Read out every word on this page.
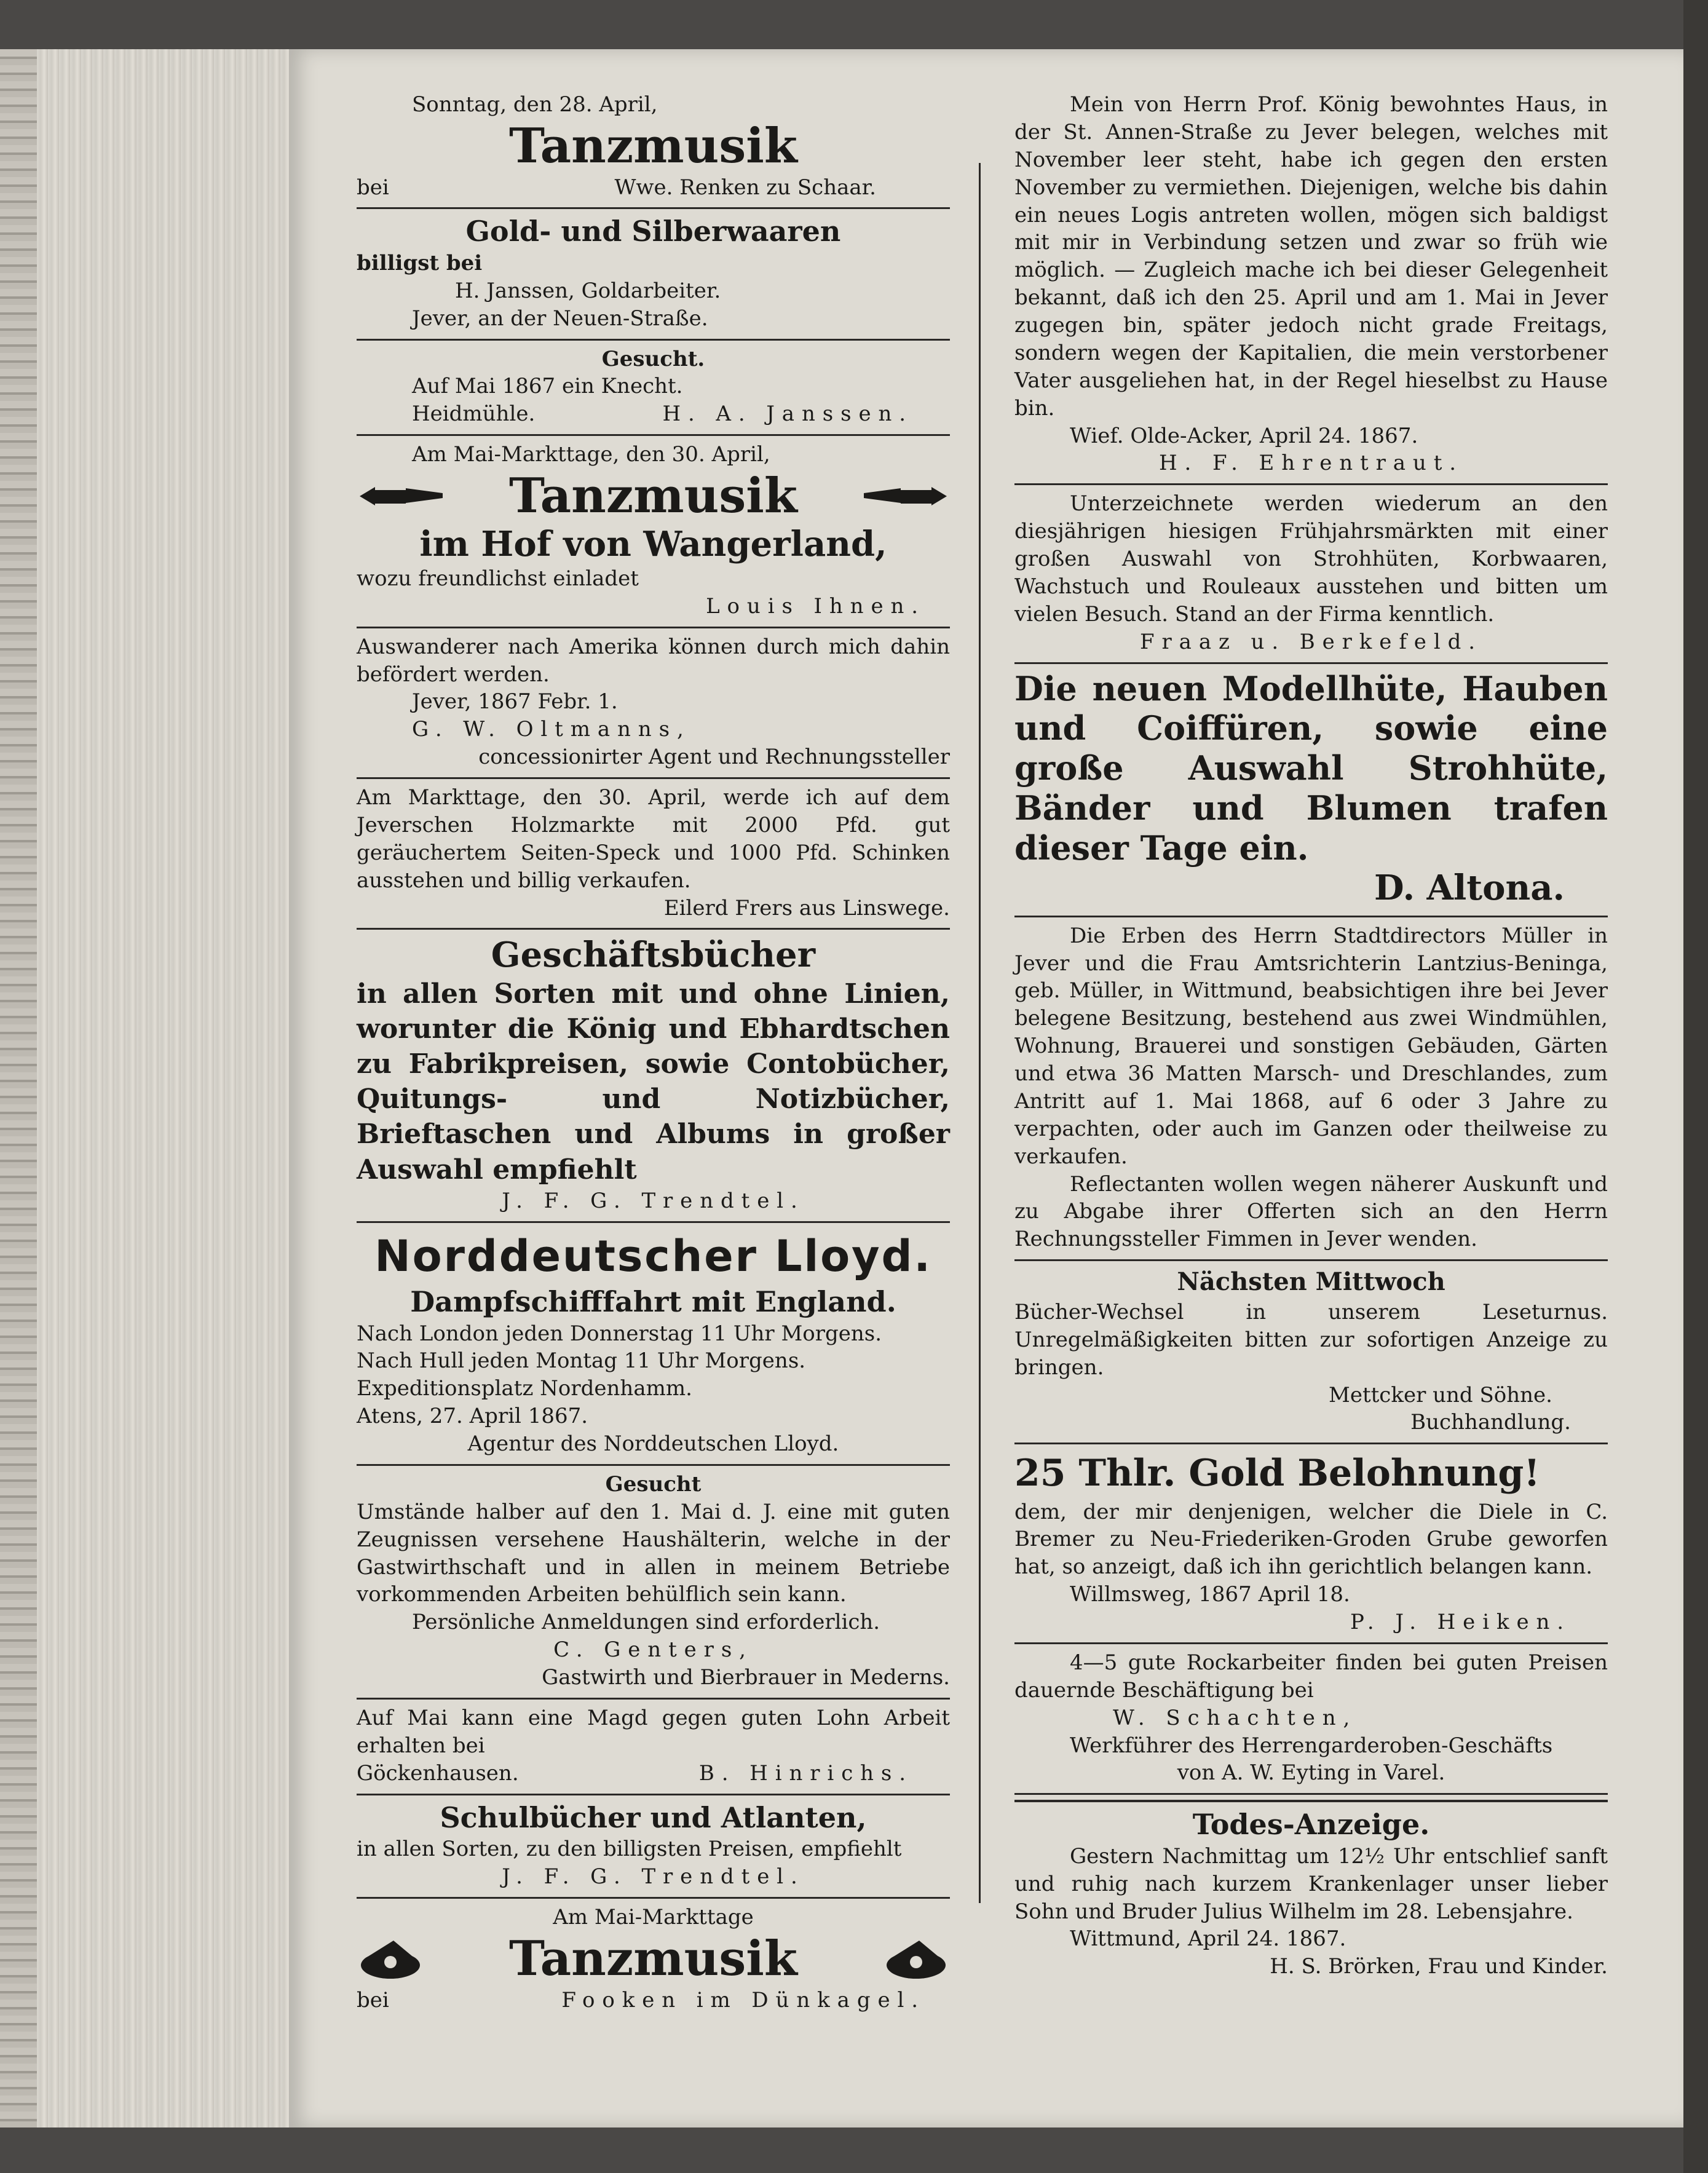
Sonntag, den 28. April,
Tanzmusik
bei	Wwe. Renken zu Schaar.
Gold- und Silberwaaren
billigst bei
H. Janssen, Goldarbeiter.
Jever, an der Neuen-Straße.
Gesucht.
Auf Mai 1867 ein Knecht.
Heidmühle.	H. A. Janssen.
Am Mai-Markttage, den 30. April,
Tanzmusik
im Hof von Wangerland,
wozu freundlichst einladet
Louis Ihnen.
Auswanderer nach Amerika können durch mich dahin befördert werden.
Jever, 1867 Febr. 1.
G. W. Oltmanns,
concessionirter Agent und Rechnungssteller
Am Markttage, den 30. April, werde ich auf dem Jeverschen Holzmarkte mit 2000 Pfd. gut geräuchertem Seiten-Speck und 1000 Pfd. Schinken ausstehen und billig verkaufen.
Eilerd Frers aus Linswege.
Geschäftsbücher
in allen Sorten mit und ohne Linien, worunter die König und Ebhardtschen zu Fabrikpreisen, sowie Contobücher, Quitungs- und Notizbücher, Brieftaschen und Albums in großer Auswahl empfiehlt
J. F. G. Trendtel.
Norddeutscher Lloyd.
Dampfschifffahrt mit England.
Nach London jeden Donnerstag 11 Uhr Morgens.
Nach Hull jeden Montag 11 Uhr Morgens.
Expeditionsplatz Nordenhamm.
Atens, 27. April 1867.
Agentur des Norddeutschen Lloyd.
Gesucht
Umstände halber auf den 1. Mai d. J. eine mit guten Zeugnissen versehene Haushälterin, welche in der Gastwirthschaft und in allen in meinem Betriebe vorkommenden Arbeiten behülflich sein kann.
Persönliche Anmeldungen sind erforderlich.
C. Genters,
Gastwirth und Bierbrauer in Mederns.
Auf Mai kann eine Magd gegen guten Lohn Arbeit erhalten bei
Göckenhausen.	B. Hinrichs.
Schulbücher und Atlanten,
in allen Sorten, zu den billigsten Preisen, empfiehlt
J. F. G. Trendtel.
Am Mai-Markttage
Tanzmusik
bei	Fooken im Dünkagel.
Mein von Herrn Prof. König bewohntes Haus, in der St. Annen-Straße zu Jever belegen, welches mit November leer steht, habe ich gegen den ersten November zu vermiethen. Diejenigen, welche bis dahin ein neues Logis antreten wollen, mögen sich baldigst mit mir in Verbindung setzen und zwar so früh wie möglich. — Zugleich mache ich bei dieser Gelegenheit bekannt, daß ich den 25. April und am 1. Mai in Jever zugegen bin, später jedoch nicht grade Freitags, sondern wegen der Kapitalien, die mein verstorbener Vater ausgeliehen hat, in der Regel hieselbst zu Hause bin.
Wief. Olde-Acker, April 24. 1867.
H. F. Ehrentraut.
Unterzeichnete werden wiederum an den diesjährigen hiesigen Frühjahrsmärkten mit einer großen Auswahl von Strohhüten, Korbwaaren, Wachstuch und Rouleaux ausstehen und bitten um vielen Besuch. Stand an der Firma kenntlich.
Fraaz u. Berkefeld.
Die neuen Modellhüte, Hauben und Coiffüren, sowie eine große Auswahl Strohhüte, Bänder und Blumen trafen dieser Tage ein.
D. Altona.
Die Erben des Herrn Stadtdirectors Müller in Jever und die Frau Amtsrichterin Lantzius-Beninga, geb. Müller, in Wittmund, beabsichtigen ihre bei Jever belegene Besitzung, bestehend aus zwei Windmühlen, Wohnung, Brauerei und sonstigen Gebäuden, Gärten und etwa 36 Matten Marsch- und Dreschlandes, zum Antritt auf 1. Mai 1868, auf 6 oder 3 Jahre zu verpachten, oder auch im Ganzen oder theilweise zu verkaufen.
Reflectanten wollen wegen näherer Auskunft und zu Abgabe ihrer Offerten sich an den Herrn Rechnungssteller Fimmen in Jever wenden.
Nächsten Mittwoch
Bücher-Wechsel in unserem Leseturnus. Unregelmäßigkeiten bitten zur sofortigen Anzeige zu bringen.
Mettcker und Söhne.
Buchhandlung.
25 Thlr. Gold Belohnung!
dem, der mir denjenigen, welcher die Diele in C. Bremer zu Neu-Friederiken-Groden Grube geworfen hat, so anzeigt, daß ich ihn gerichtlich belangen kann.
Willmsweg, 1867 April 18.
P. J. Heiken.
4—5 gute Rockarbeiter finden bei guten Preisen dauernde Beschäftigung bei
W. Schachten,
Werkführer des Herrengarderoben-Geschäfts
von A. W. Eyting in Varel.
Todes-Anzeige.
Gestern Nachmittag um 12½ Uhr entschlief sanft und ruhig nach kurzem Krankenlager unser lieber Sohn und Bruder Julius Wilhelm im 28. Lebensjahre.
Wittmund, April 24. 1867.
H. S. Brörken, Frau und Kinder.
